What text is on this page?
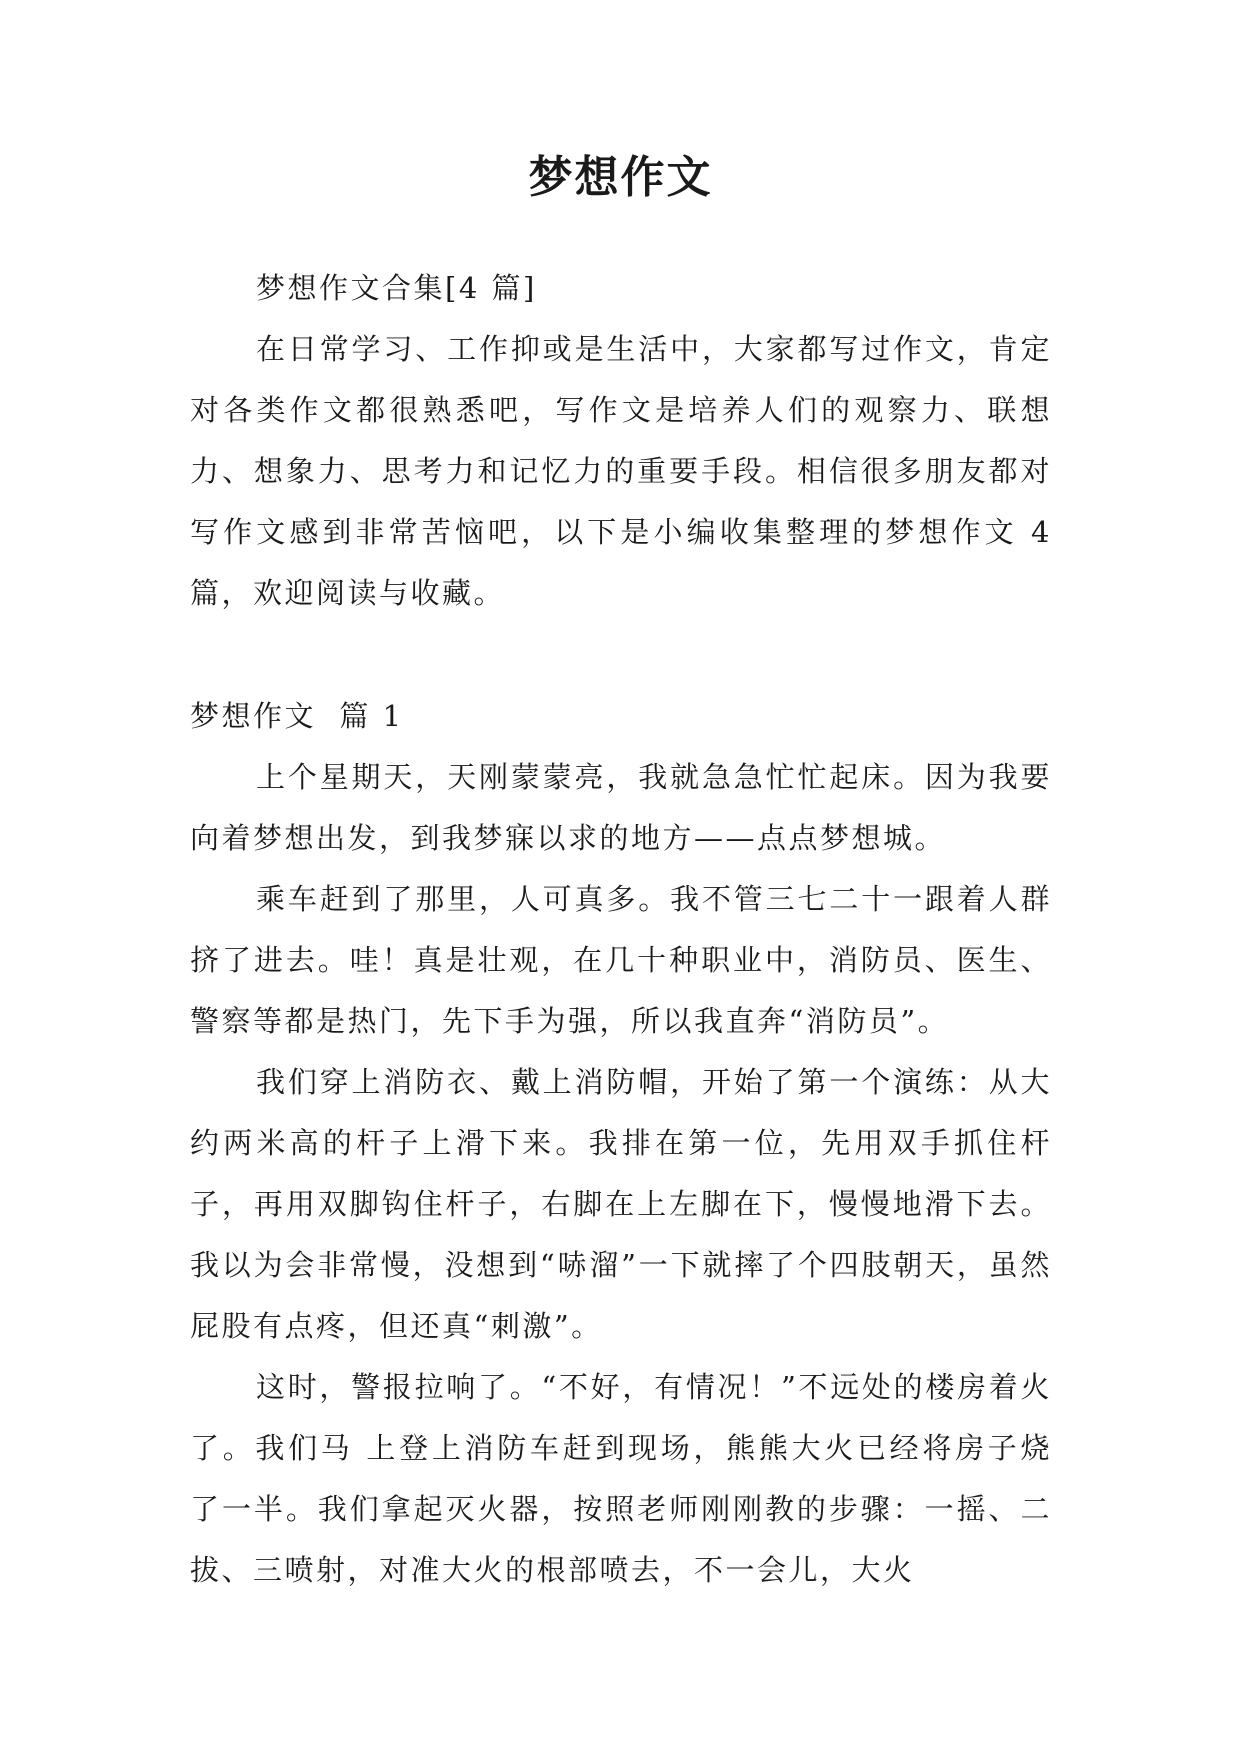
梦想作文

梦想作文合集[4 篇]

在日常学习、工作抑或是生活中，大家都写过作文，肯定对各类作文都很熟悉吧，写作文是培养人们的观察力、联想力、想象力、思考力和记忆力的重要手段。相信很多朋友都对写作文感到非常苦恼吧，以下是小编收集整理的梦想作文 4 篇，欢迎阅读与收藏。

梦想作文  篇 1

上个星期天，天刚蒙蒙亮，我就急急忙忙起床。因为我要向着梦想出发，到我梦寐以求的地方——点点梦想城。

乘车赶到了那里，人可真多。我不管三七二十一跟着人群挤了进去。哇！真是壮观，在几十种职业中，消防员、医生、警察等都是热门，先下手为强，所以我直奔“消防员”。

我们穿上消防衣、戴上消防帽，开始了第一个演练：从大约两米高的杆子上滑下来。我排在第一位，先用双手抓住杆子，再用双脚钩住杆子，右脚在上左脚在下，慢慢地滑下去。我以为会非常慢，没想到“哧溜”一下就摔了个四肢朝天，虽然屁股有点疼，但还真“刺激”。

这时，警报拉响了。“不好，有情况！”不远处的楼房着火了。我们马 上登上消防车赶到现场，熊熊大火已经将房子烧了一半。我们拿起灭火器，按照老师刚刚教的步骤：一摇、二拔、三喷射，对准大火的根部喷去，不一会儿，大火
